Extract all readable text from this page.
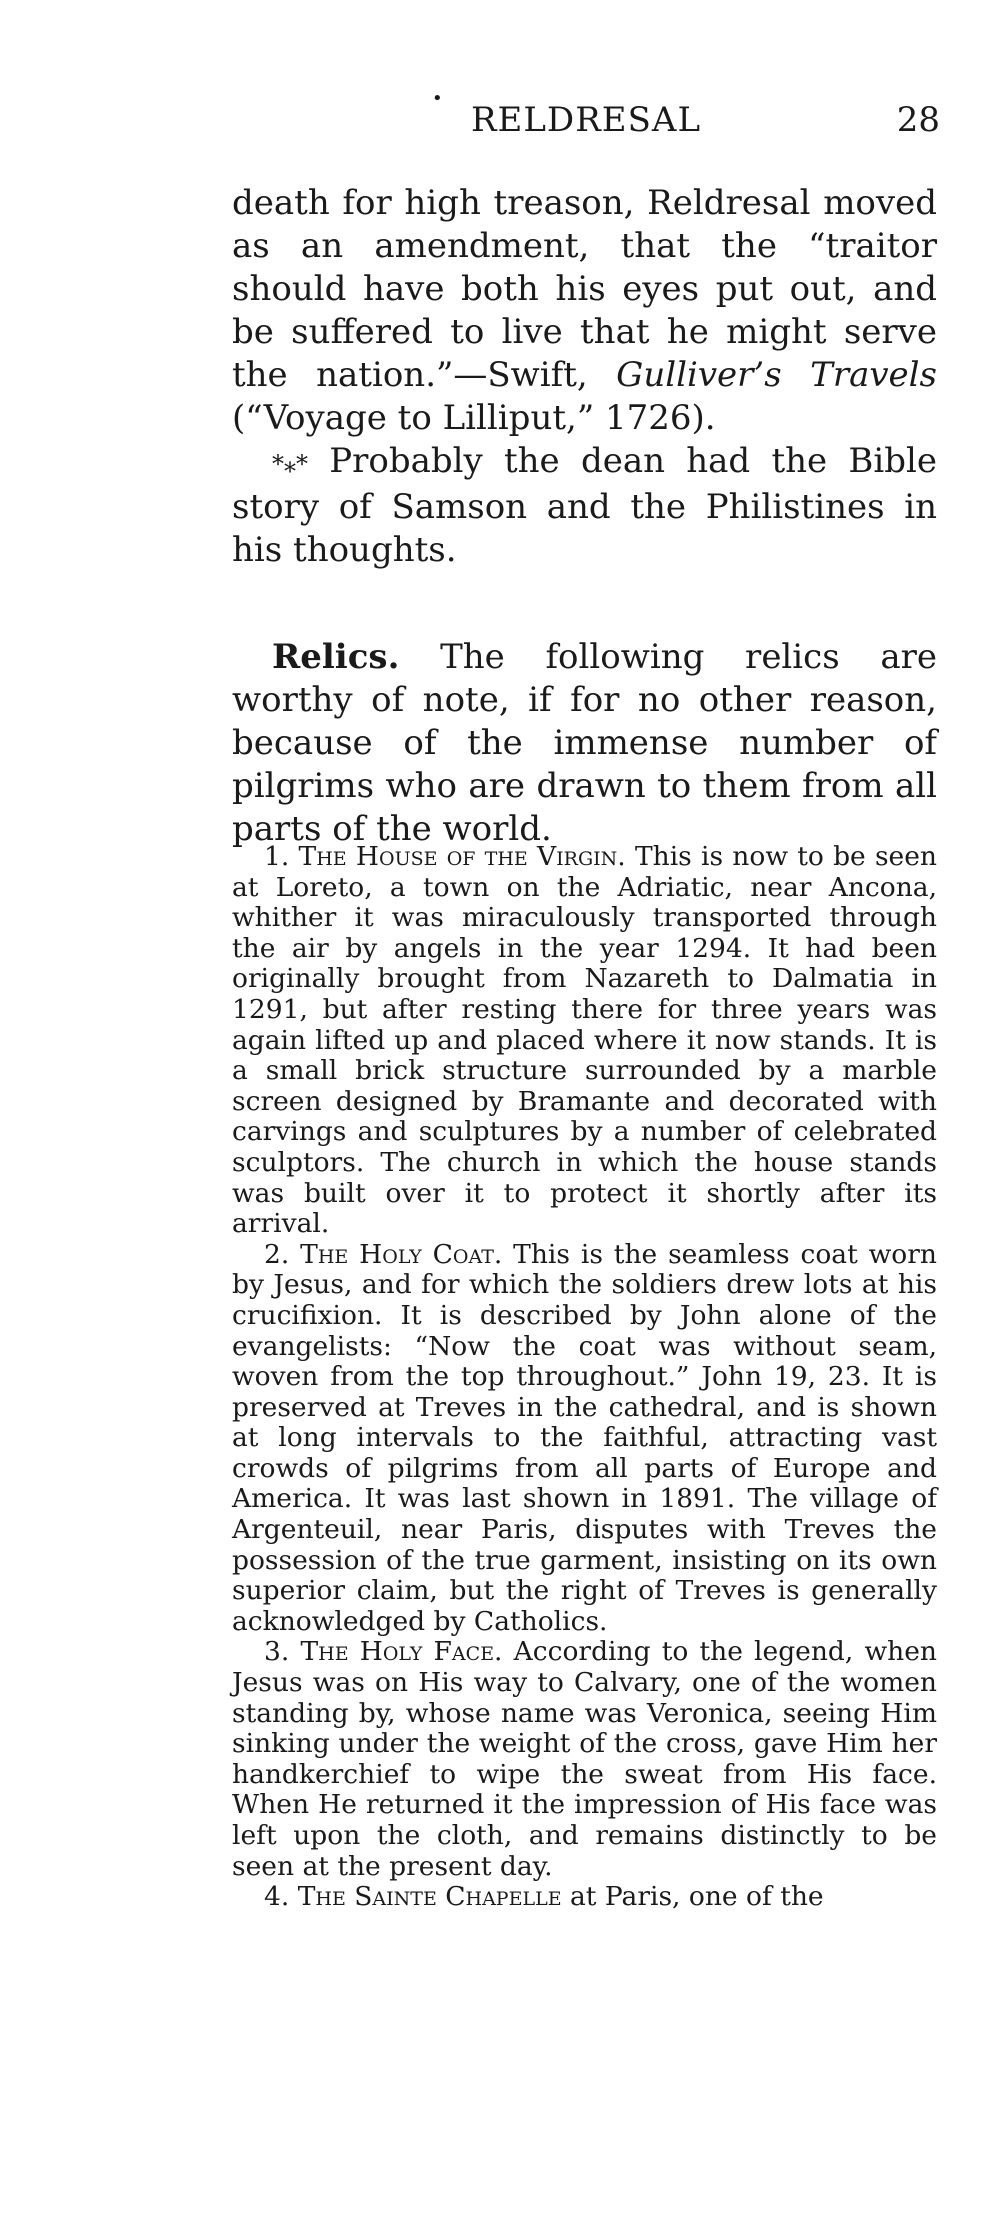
•
RELDRESAL	28

death for high treason, Reldresal moved as an amendment, that the “traitor should have both his eyes put out, and be suffered to live that he might serve the nation.”—Swift, Gulliver’s Travels (“Voyage to Lilliput,” 1726).

*⁎* Probably the dean had the Bible story of Samson and the Philistines in his thoughts.

Relics. The following relics are worthy of note, if for no other reason, because of the immense number of pilgrims who are drawn to them from all parts of the world.

1. The House of the Virgin. This is now to be seen at Loreto, a town on the Adriatic, near Ancona, whither it was miraculously transported through the air by angels in the year 1294. It had been originally brought from Nazareth to Dalmatia in 1291, but after resting there for three years was again lifted up and placed where it now stands. It is a small brick structure surrounded by a marble screen designed by Bramante and decorated with carvings and sculptures by a number of celebrated sculptors. The church in which the house stands was built over it to protect it shortly after its arrival.

2. The Holy Coat. This is the seamless coat worn by Jesus, and for which the soldiers drew lots at his crucifixion. It is described by John alone of the evangelists: “Now the coat was without seam, woven from the top throughout.” John 19, 23. It is preserved at Treves in the cathedral, and is shown at long intervals to the faithful, attracting vast crowds of pilgrims from all parts of Europe and America. It was last shown in 1891. The village of Argenteuil, near Paris, disputes with Treves the possession of the true garment, insisting on its own superior claim, but the right of Treves is generally acknowledged by Catholics.

3. The Holy Face. According to the legend, when Jesus was on His way to Calvary, one of the women standing by, whose name was Veronica, seeing Him sinking under the weight of the cross, gave Him her handkerchief to wipe the sweat from His face. When He returned it the impression of His face was left upon the cloth, and remains distinctly to be seen at the present day.

4. The Sainte Chapelle at Paris, one of the
